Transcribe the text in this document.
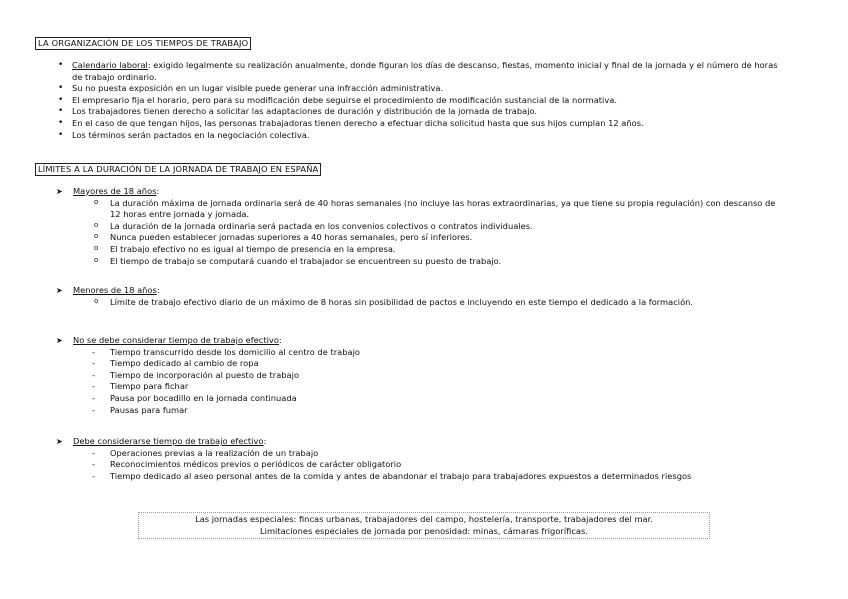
LA ORGANIZACIÓN DE LOS TIEMPOS DE TRABAJO
• Calendario laboral: exigido legalmente su realización anualmente, donde figuran los días de descanso, fiestas, momento inicial y final de la jornada y el número de horas de trabajo ordinario.
• Su no puesta exposición en un lugar visible puede generar una infracción administrativa.
• El empresario fija el horario, pero para su modificación debe seguirse el procedimiento de modificación sustancial de la normativa.
• Los trabajadores tienen derecho a solicitar las adaptaciones de duración y distribución de la jornada de trabajo.
• En el caso de que tengan hijos, las personas trabajadoras tienen derecho a efectuar dicha solicitud hasta que sus hijos cumplan 12 años.
• Los términos serán pactados en la negociación colectiva.
LÍMITES A LA DURACIÓN DE LA JORNADA DE TRABAJO EN ESPAÑA
➤ Mayores de 18 años:
o La duración máxima de jornada ordinaria será de 40 horas semanales (no incluye las horas extraordinarias, ya que tiene su propia regulación) con descanso de 12 horas entre jornada y jornada.
o La duración de la jornada ordinaria será pactada en los convenios colectivos o contratos individuales.
o Nunca pueden establecer jornadas superiores a 40 horas semanales, pero sí inferiores.
o El trabajo efectivo no es igual al tiempo de presencia en la empresa.
o El tiempo de trabajo se computará cuando el trabajador se encuentreen su puesto de trabajo.
➤ Menores de 18 años:
o Límite de trabajo efectivo diario de un máximo de 8 horas sin posibilidad de pactos e incluyendo en este tiempo el dedicado a la formación.
➤ No se debe considerar tiempo de trabajo efectivo:
- Tiempo transcurrido desde los domicilio al centro de trabajo
- Tiempo dedicado al cambio de ropa
- Tiempo de incorporación al puesto de trabajo
- Tiempo para fichar
- Pausa por bocadillo en la jornada continuada
- Pausas para fumar
➤ Debe considerarse tiempo de trabajo efectivo:
- Operaciones previas a la realización de un trabajo
- Reconocimientos médicos previos o periódicos de carácter obligatorio
- Tiempo dedicado al aseo personal antes de la comida y antes de abandonar el trabajo para trabajadores expuestos a determinados riesgos
Las jornadas especiales: fincas urbanas, trabajadores del campo, hostelería, transporte, trabajadores del mar.
Limitaciones especiales de jornada por penosidad: minas, cámaras frigoríficas.
